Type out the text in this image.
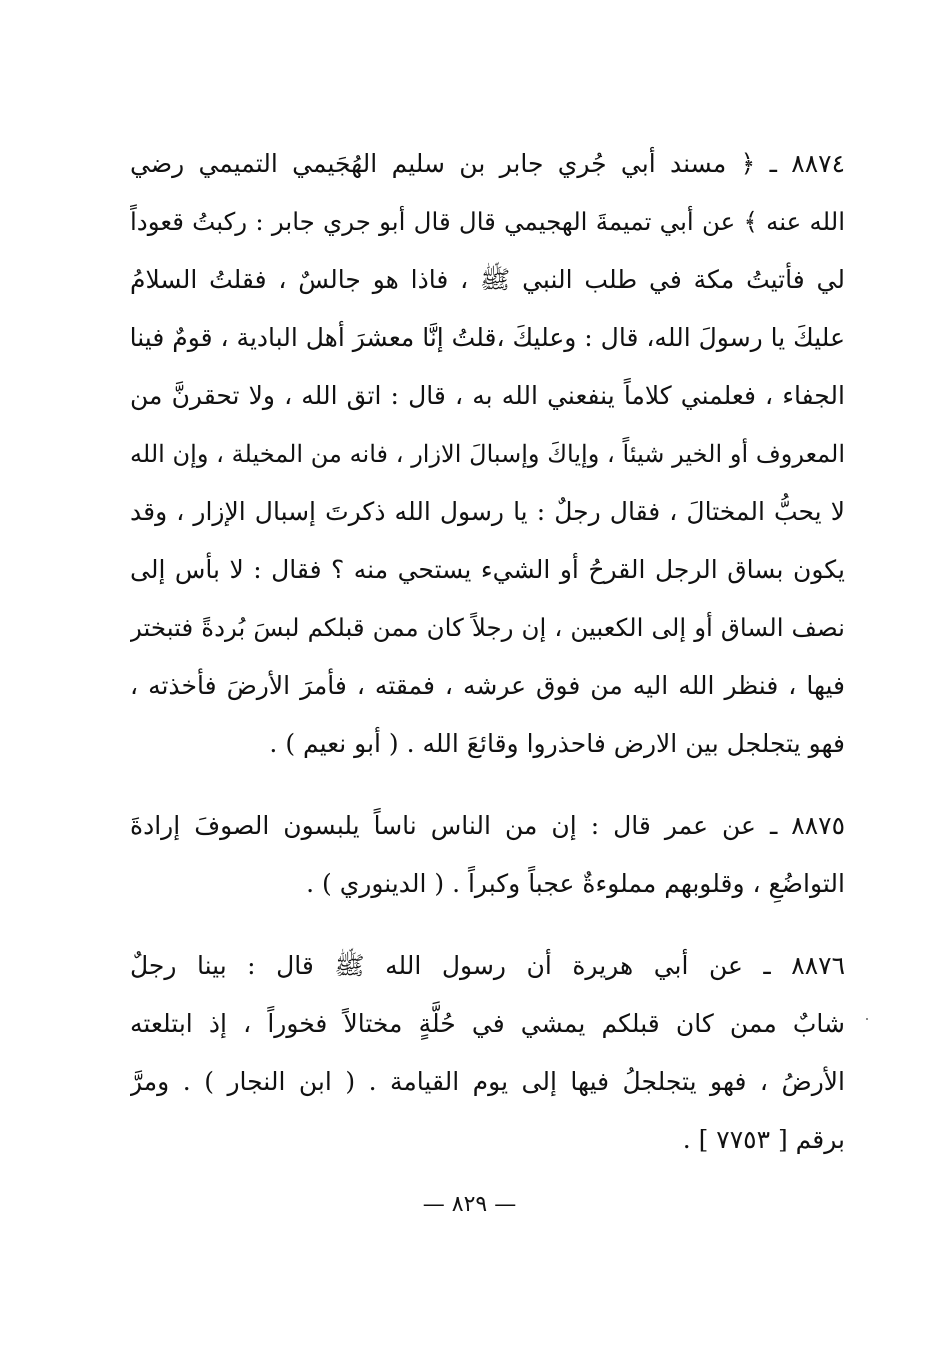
٨٨٧٤ ـ ﴿ مسند أبي جُري جابر بن سليم الهُجَيمي التميمي رضي
الله عنه ﴾ عن أبي تميمةَ الهجيمي قال قال أبو جري جابر : ركبتُ قعوداً
لي فأتيتُ مكة في طلب النبي ﷺ ، فاذا هو جالسٌ ، فقلتُ السلامُ
عليكَ يا رسولَ الله، قال : وعليكَ ،قلتُ إنَّا معشرَ أهل البادية ، قومٌ فينا
الجفاء ، فعلمني كلاماً ينفعني الله به ، قال : اتق الله ، ولا تحقرنَّ من
المعروف أو الخير شيئاً ، وإياكَ وإسبالَ الازار ، فانه من المخيلة ، وإن الله
لا يحبُّ المختالَ ، فقال رجلٌ : يا رسول الله ذكرتَ إسبال الإزار ، وقد
يكون بساق الرجل القرحُ أو الشيء يستحي منه ؟ فقال : لا بأس إلى
نصف الساق أو إلى الكعبين ، إن رجلاً كان ممن قبلكم لبسَ بُردةً فتبختر
فيها ، فنظر الله اليه من فوق عرشه ، فمقته ، فأمرَ الأرضَ فأخذته ،
فهو يتجلجل بين الارض فاحذروا وقائعَ الله . ( أبو نعيم ) .
٨٨٧٥ ـ عن عمر قال : إن من الناس ناساً يلبسون الصوفَ إرادةَ
التواضُعِ ، وقلوبهم مملوءةٌ عجباً وكبراً . ( الدينوري ) .
٨٨٧٦ ـ عن أبي هريرة أن رسول الله ﷺ قال : بينا رجلٌ
شابٌ ممن كان قبلكم يمشي في حُلَّةٍ مختالاً فخوراً ، إذ ابتلعته
الأرضُ ، فهو يتجلجلُ فيها إلى يوم القيامة . ( ابن النجار ) . ومرَّ
برقم [ ٧٧٥٣ ] .
— ٨٢٩ —
